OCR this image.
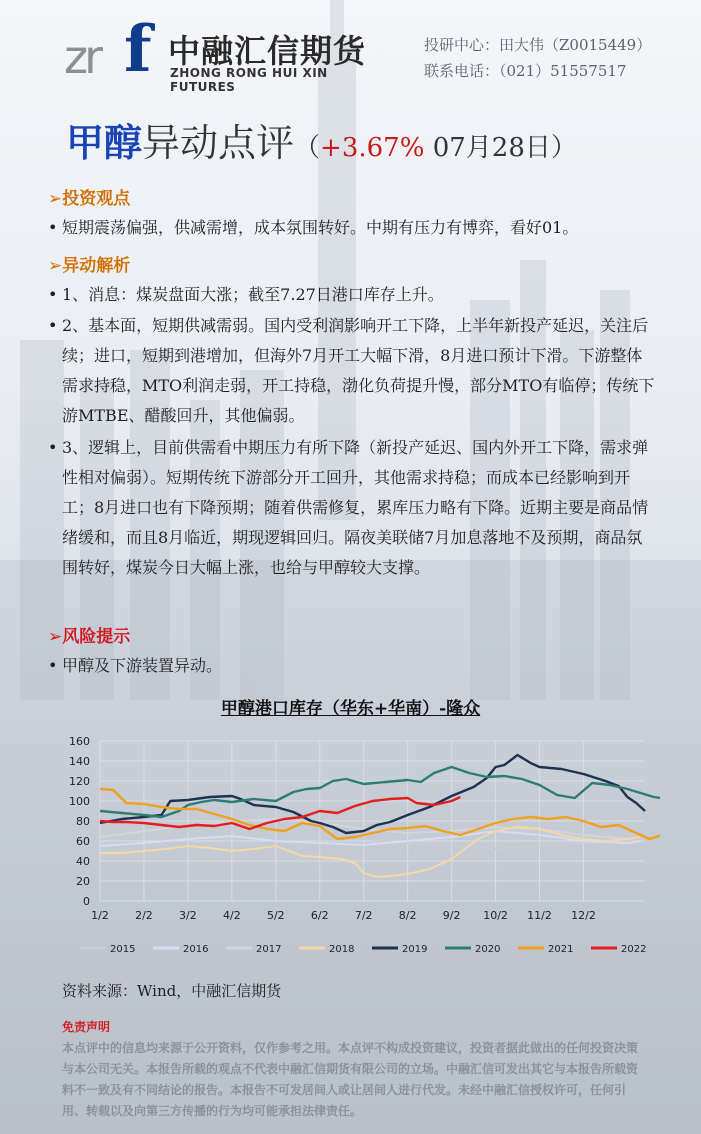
zr f 中融汇信期货
ZHONG RONG HUI XIN FUTURES
投研中心：田大伟（Z0015449）
联系电话：（021）51557517
甲醇异动点评（+3.67% 07月28日）
➢投资观点
• 短期震荡偏强，供减需增，成本氛围转好。中期有压力有博弈，看好01。
➢异动解析
• 1、消息：煤炭盘面大涨；截至7.27日港口库存上升。
• 2、基本面，短期供减需弱。国内受利润影响开工下降，上半年新投产延迟，关注后续；进口，短期到港增加，但海外7月开工大幅下滑，8月进口预计下滑。下游整体需求持稳，MTO利润走弱，开工持稳，渤化负荷提升慢，部分MTO有临停；传统下游MTBE、醋酸回升，其他偏弱。
• 3、逻辑上，目前供需看中期压力有所下降（新投产延迟、国内外开工下降，需求弹性相对偏弱）。短期传统下游部分开工回升，其他需求持稳；而成本已经影响到开工；8月进口也有下降预期；随着供需修复，累库压力略有下降。近期主要是商品情绪缓和，而且8月临近，期现逻辑回归。隔夜美联储7月加息落地不及预期，商品氛围转好，煤炭今日大幅上涨，也给与甲醇较大支撑。
➢风险提示
• 甲醇及下游装置异动。
甲醇港口库存（华东+华南）-隆众
0
20
40
60
80
100
120
140
160
1/2 2/2 3/2 4/2 5/2 6/2 7/2 8/2 9/2 10/2 11/2 12/2
2015	2016	2017	2018	2019	2020	2021	2022
资料来源：Wind，中融汇信期货
免责声明
本点评中的信息均来源于公开资料，仅作参考之用。本点评不构成投资建议，投资者据此做出的任何投资决策与本公司无关。本报告所载的观点不代表中融汇信期货有限公司的立场。中融汇信可发出其它与本报告所载资料不一致及有不同结论的报告。本报告不可发居间人或让居间人进行代发。未经中融汇信授权许可，任何引用、转载以及向第三方传播的行为均可能承担法律责任。
